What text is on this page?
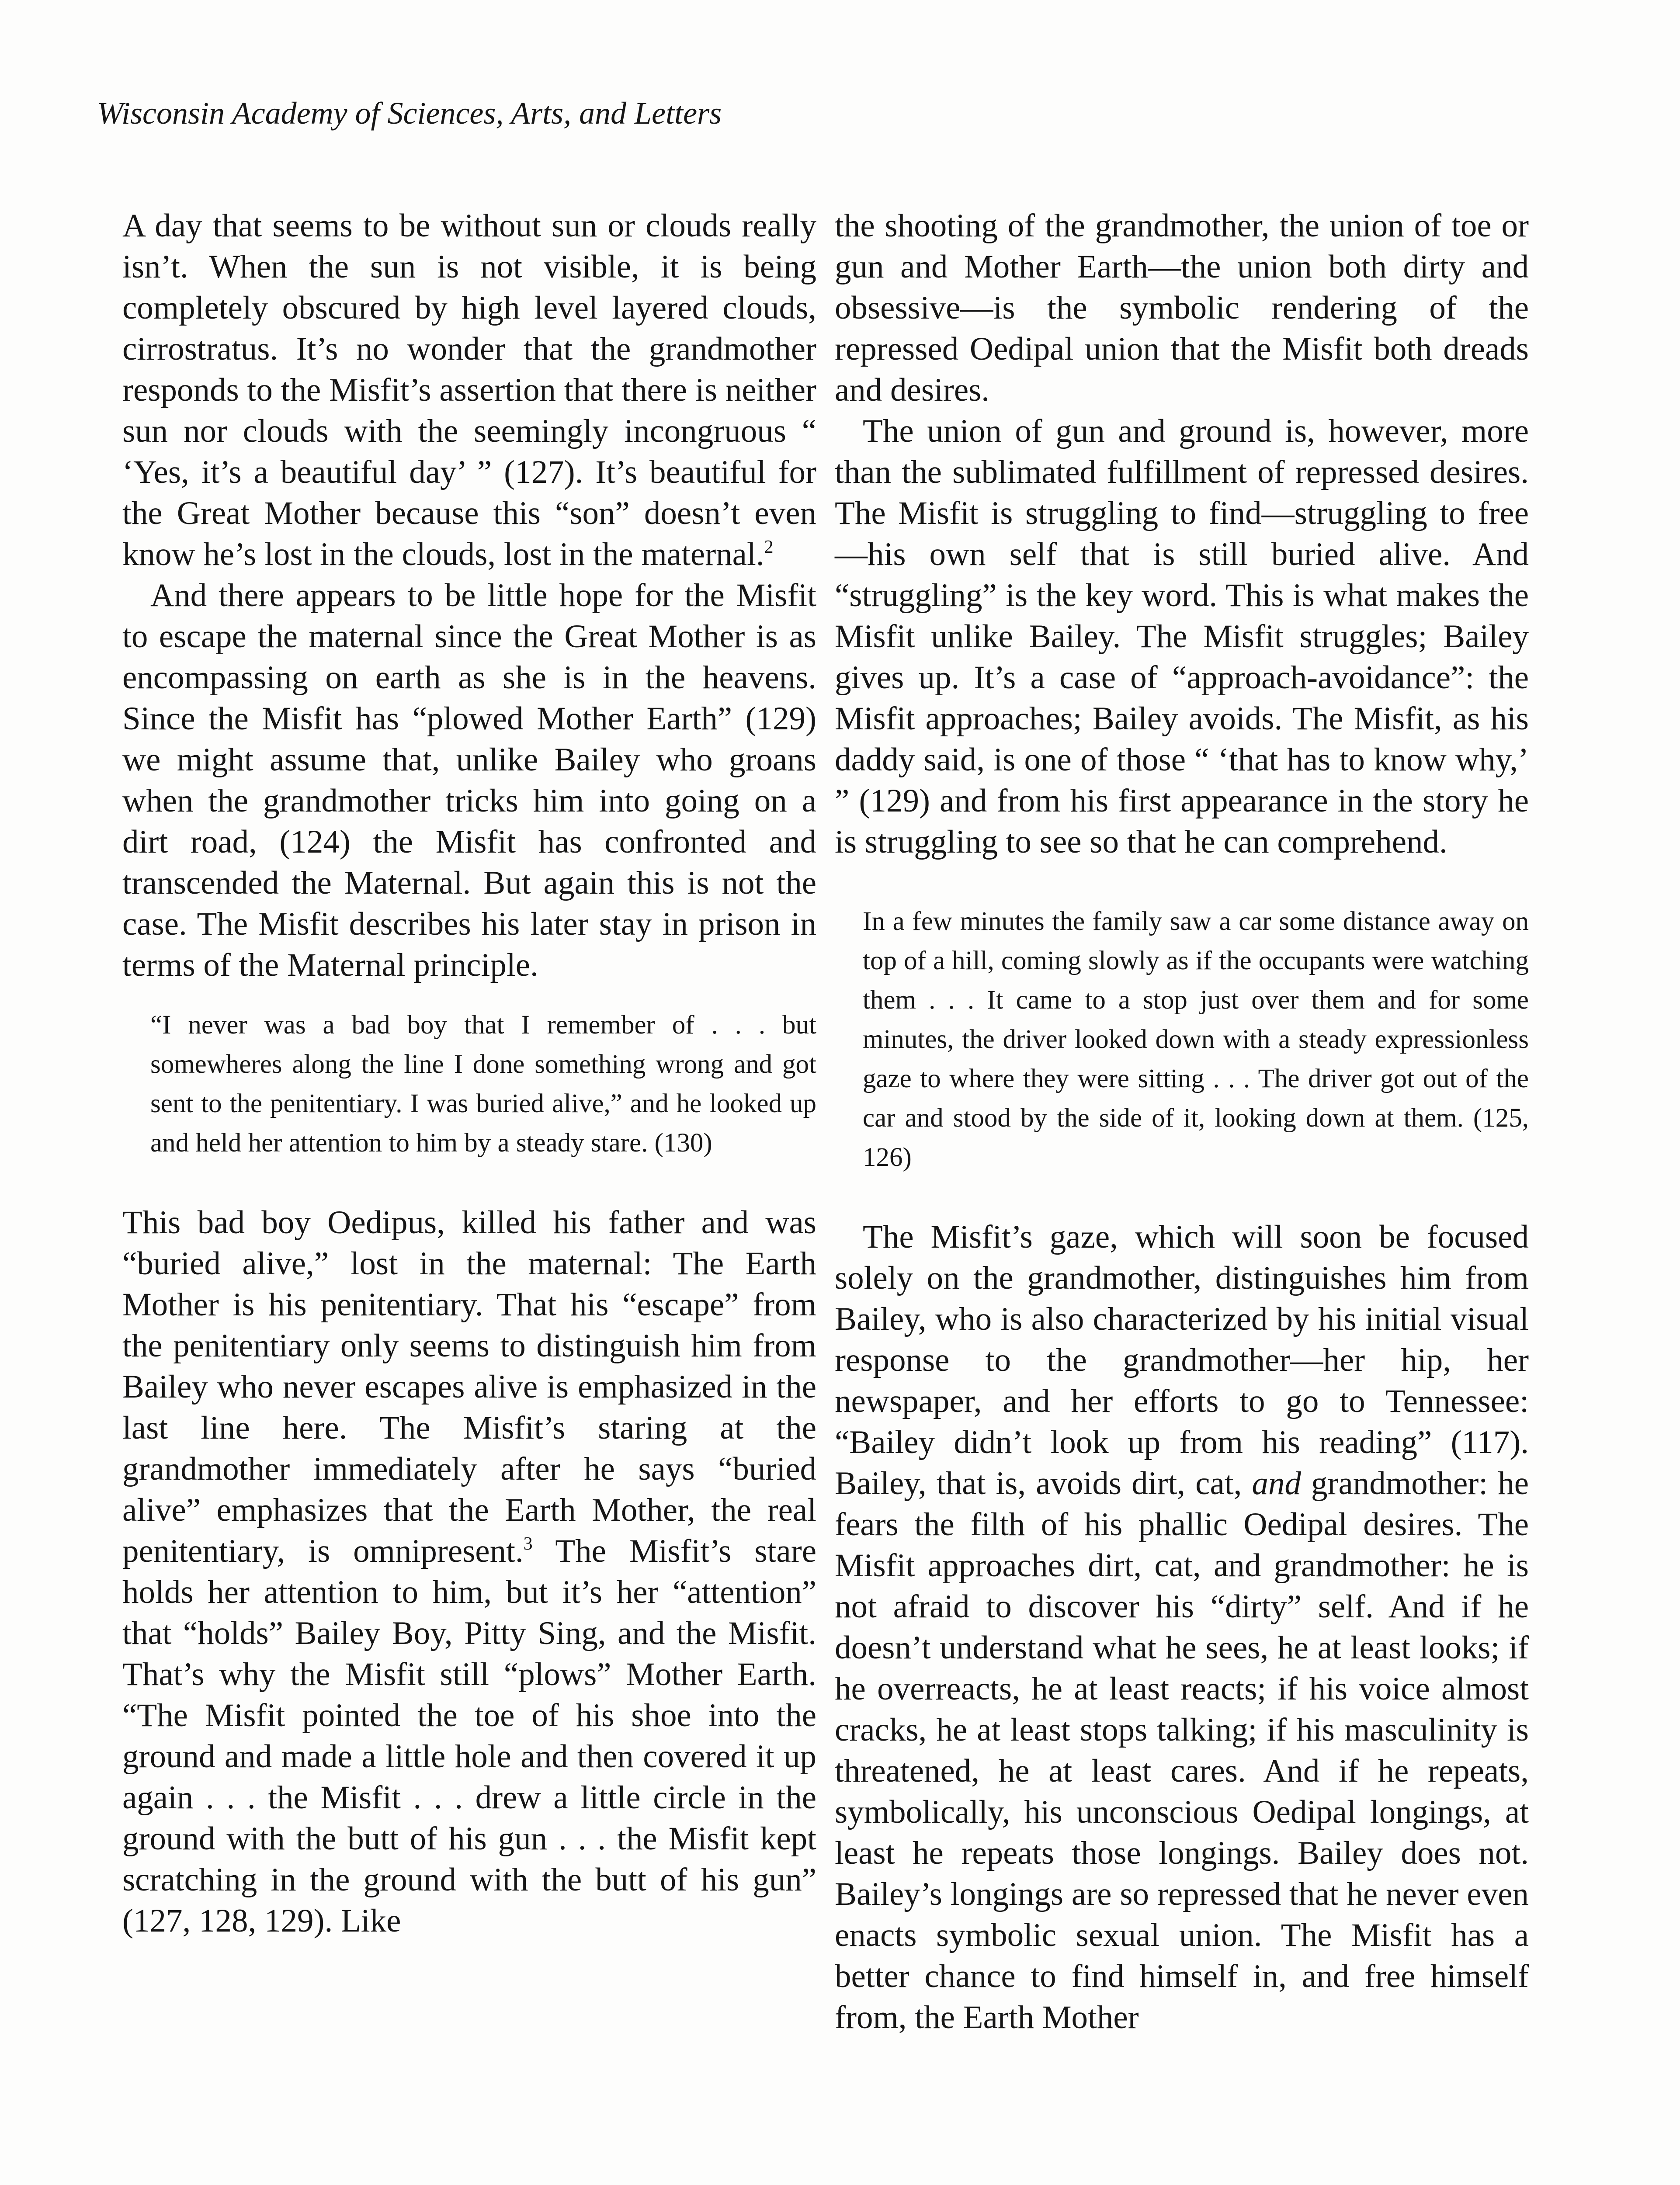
Wisconsin Academy of Sciences, Arts, and Letters

A day that seems to be without sun or clouds really isn’t. When the sun is not visible, it is being completely obscured by high level layered clouds, cirrostratus. It’s no wonder that the grandmother responds to the Misfit’s assertion that there is neither sun nor clouds with the seemingly incongruous “ ‘Yes, it’s a beautiful day’ ” (127). It’s beautiful for the Great Mother because this “son” doesn’t even know he’s lost in the clouds, lost in the maternal.$^2$

And there appears to be little hope for the Misfit to escape the maternal since the Great Mother is as encompassing on earth as she is in the heavens. Since the Misfit has “plowed Mother Earth” (129) we might assume that, unlike Bailey who groans when the grandmother tricks him into going on a dirt road, (124) the Misfit has confronted and transcended the Maternal. But again this is not the case. The Misfit describes his later stay in prison in terms of the Maternal principle.

“I never was a bad boy that I remember of . . . but somewheres along the line I done something wrong and got sent to the penitentiary. I was buried alive,” and he looked up and held her attention to him by a steady stare. (130)

This bad boy Oedipus, killed his father and was “buried alive,” lost in the maternal: The Earth Mother is his penitentiary. That his “escape” from the penitentiary only seems to distinguish him from Bailey who never escapes alive is emphasized in the last line here. The Misfit’s staring at the grandmother immediately after he says “buried alive” emphasizes that the Earth Mother, the real penitentiary, is omnipresent.$^3$ The Misfit’s stare holds her attention to him, but it’s her “attention” that “holds” Bailey Boy, Pitty Sing, and the Misfit. That’s why the Misfit still “plows” Mother Earth. “The Misfit pointed the toe of his shoe into the ground and made a little hole and then covered it up again . . . the Misfit . . . drew a little circle in the ground with the butt of his gun . . . the Misfit kept scratching in the ground with the butt of his gun” (127, 128, 129). Like

the shooting of the grandmother, the union of toe or gun and Mother Earth—the union both dirty and obsessive—is the symbolic rendering of the repressed Oedipal union that the Misfit both dreads and desires.

The union of gun and ground is, however, more than the sublimated fulfillment of repressed desires. The Misfit is struggling to find—struggling to free—his own self that is still buried alive. And “struggling” is the key word. This is what makes the Misfit unlike Bailey. The Misfit struggles; Bailey gives up. It’s a case of “approach-avoidance”: the Misfit approaches; Bailey avoids. The Misfit, as his daddy said, is one of those “ ‘that has to know why,’ ” (129) and from his first appearance in the story he is struggling to see so that he can comprehend.

In a few minutes the family saw a car some distance away on top of a hill, coming slowly as if the occupants were watching them . . . It came to a stop just over them and for some minutes, the driver looked down with a steady expressionless gaze to where they were sitting . . . The driver got out of the car and stood by the side of it, looking down at them. (125, 126)

The Misfit’s gaze, which will soon be focused solely on the grandmother, distinguishes him from Bailey, who is also characterized by his initial visual response to the grandmother—her hip, her newspaper, and her efforts to go to Tennessee: “Bailey didn’t look up from his reading” (117). Bailey, that is, avoids dirt, cat, and grandmother: he fears the filth of his phallic Oedipal desires. The Misfit approaches dirt, cat, and grandmother: he is not afraid to discover his “dirty” self. And if he doesn’t understand what he sees, he at least looks; if he overreacts, he at least reacts; if his voice almost cracks, he at least stops talking; if his masculinity is threatened, he at least cares. And if he repeats, symbolically, his unconscious Oedipal longings, at least he repeats those longings. Bailey does not. Bailey’s longings are so repressed that he never even enacts symbolic sexual union. The Misfit has a better chance to find himself in, and free himself from, the Earth Mother
